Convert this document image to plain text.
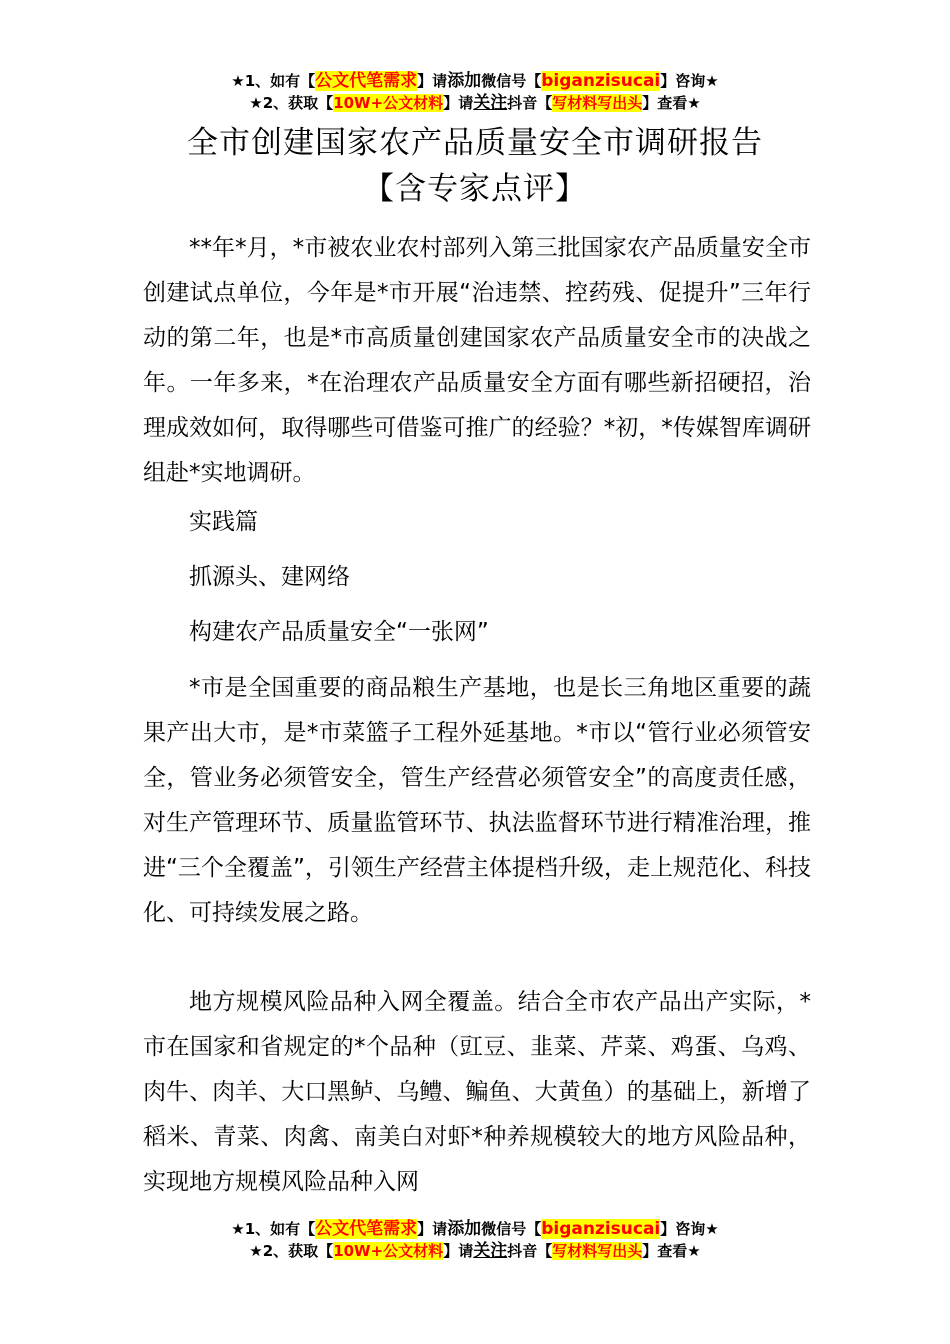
★1、如有【公文代笔需求】请添加微信号【biganzisucai】咨询★
★2、获取【10W+公文材料】请关注抖音【写材料写出头】查看★
全市创建国家农产品质量安全市调研报告
【含专家点评】

**年*月，*市被农业农村部列入第三批国家农产品质量安全市创建试点单位，今年是*市开展“治违禁、控药残、促提升”三年行动的第二年，也是*市高质量创建国家农产品质量安全市的决战之年。一年多来，*在治理农产品质量安全方面有哪些新招硬招，治理成效如何，取得哪些可借鉴可推广的经验？*初，*传媒智库调研组赴*实地调研。

实践篇

抓源头、建网络

构建农产品质量安全“一张网”

*市是全国重要的商品粮生产基地，也是长三角地区重要的蔬果产出大市，是*市菜篮子工程外延基地。*市以“管行业必须管安全，管业务必须管安全，管生产经营必须管安全”的高度责任感，对生产管理环节、质量监管环节、执法监督环节进行精准治理，推进“三个全覆盖”，引领生产经营主体提档升级，走上规范化、科技化、可持续发展之路。

地方规模风险品种入网全覆盖。结合全市农产品出产实际，*市在国家和省规定的*个品种（豇豆、韭菜、芹菜、鸡蛋、乌鸡、肉牛、肉羊、大口黑鲈、乌鳢、鳊鱼、大黄鱼）的基础上，新增了稻米、青菜、肉禽、南美白对虾*种养规模较大的地方风险品种，实现地方规模风险品种入网

★1、如有【公文代笔需求】请添加微信号【biganzisucai】咨询★
★2、获取【10W+公文材料】请关注抖音【写材料写出头】查看★
